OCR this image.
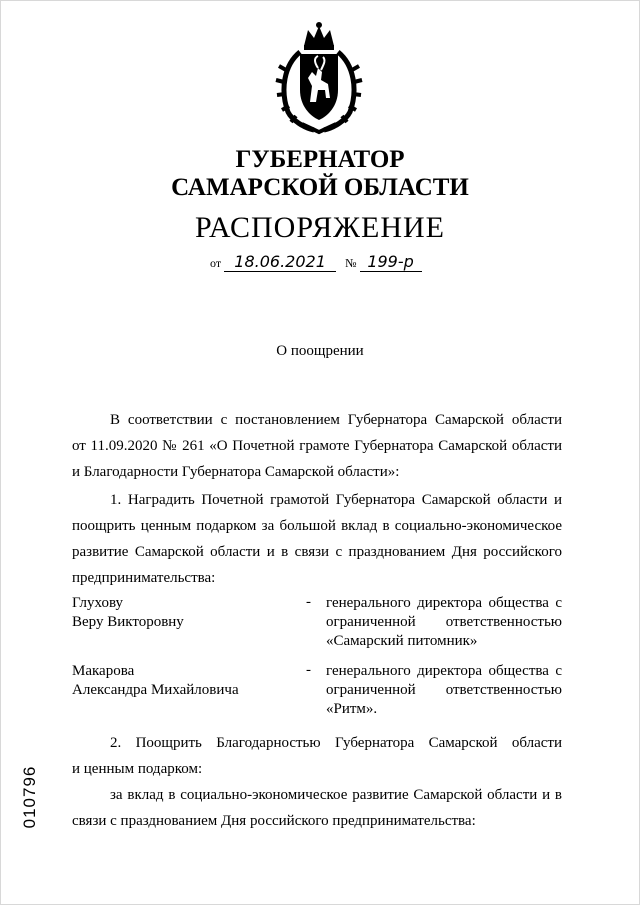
ГУБЕРНАТОР
САМАРСКОЙ ОБЛАСТИ
РАСПОРЯЖЕНИЕ
от 18.06.2021 № 199-р
О поощрении
В соответствии с постановлением Губернатора Самарской области
от 11.09.2020 № 261 «О Почетной грамоте Губернатора Самарской области
и Благодарности Губернатора Самарской области»:
1. Наградить Почетной грамотой Губернатора Самарской области и
поощрить ценным подарком за большой вклад в социально-экономическое
развитие Самарской области и в связи с празднованием Дня российского
предпринимательства:
Глухову
Веру Викторовну
- генерального директора общества с
ограниченной ответственностью
«Самарский питомник»
Макарова
Александра Михайловича
- генерального директора общества с
ограниченной ответственностью
«Ритм».
2. Поощрить Благодарностью Губернатора Самарской области
и ценным подарком:
за вклад в социально-экономическое развитие Самарской области и в
связи с празднованием Дня российского предпринимательства:
010796
